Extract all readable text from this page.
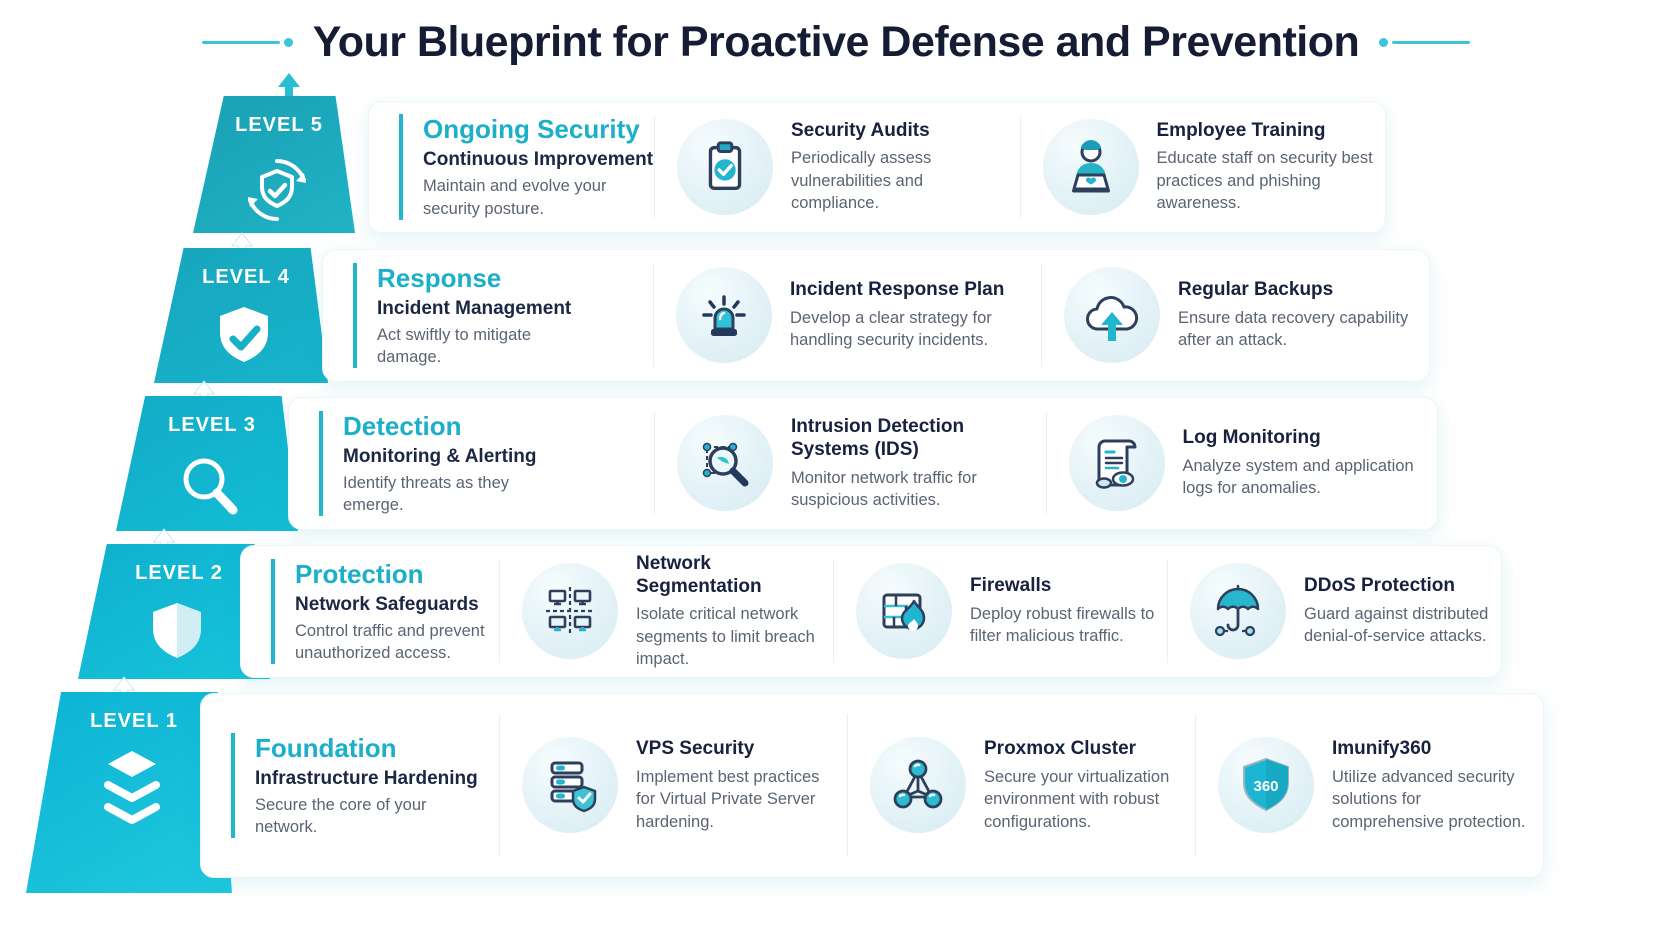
Your Blueprint for Proactive Defense and Prevention
LEVEL 5
LEVEL 4
LEVEL 3
LEVEL 2
LEVEL 1
Ongoing Security
Continuous Improvement
Maintain and evolve your security posture.
Security Audits
Periodically assess vulnerabilities and compliance.
Employee Training
Educate staff on security best practices and phishing awareness.
Response
Incident Management
Act swiftly to mitigate damage.
Incident Response Plan
Develop a clear strategy for handling security incidents.
Regular Backups
Ensure data recovery capability after an attack.
Detection
Monitoring & Alerting
Identify threats as they emerge.
Intrusion Detection Systems (IDS)
Monitor network traffic for suspicious activities.
Log Monitoring
Analyze system and application logs for anomalies.
Protection
Network Safeguards
Control traffic and prevent unauthorized access.
Network Segmentation
Isolate critical network segments to limit breach impact.
Firewalls
Deploy robust firewalls to filter malicious traffic.
DDoS Protection
Guard against distributed denial-of-service attacks.
Foundation
Infrastructure Hardening
Secure the core of your network.
VPS Security
Implement best practices for Virtual Private Server hardening.
Proxmox Cluster
Secure your virtualization environment with robust configurations.
360
Imunify360
Utilize advanced security solutions for comprehensive protection.
